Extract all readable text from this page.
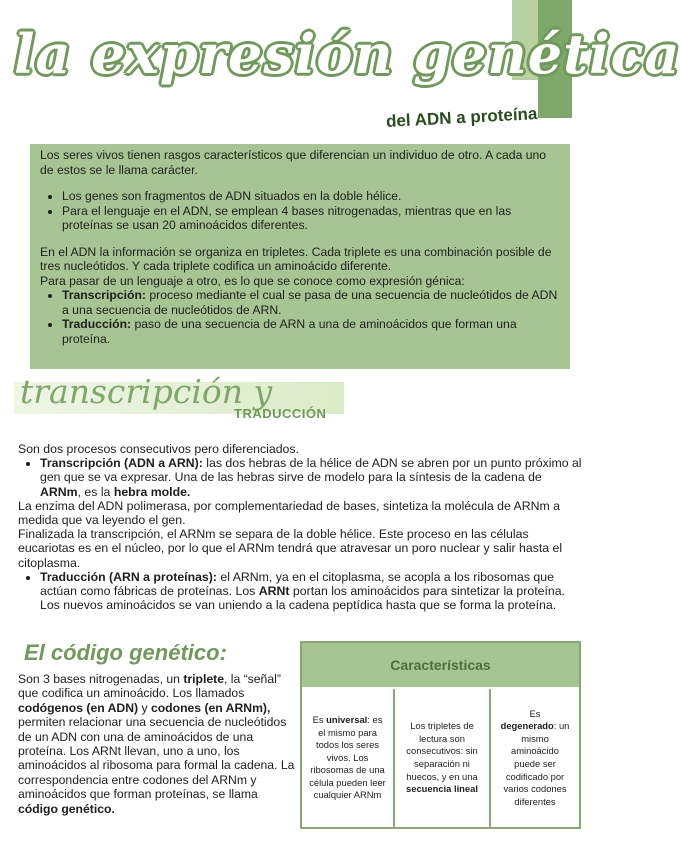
la expresión genética
del ADN a proteína

Los seres vivos tienen rasgos característicos que diferencian un individuo de otro. A cada uno de estos se le llama carácter.

• Los genes son fragmentos de ADN situados en la doble hélice.
• Para el lenguaje en el ADN, se emplean 4 bases nitrogenadas, mientras que en las proteínas se usan 20 aminoácidos diferentes.

En el ADN la información se organiza en tripletes. Cada triplete es una combinación posible de tres nucleótidos. Y cada triplete codifica un aminoácido diferente.

Para pasar de un lenguaje a otro, es lo que se conoce como expresión génica:

• Transcripción: proceso mediante el cual se pasa de una secuencia de nucleótidos de ADN a una secuencia de nucleótidos de ARN.
• Traducción: paso de una secuencia de ARN a una de aminoácidos que forman una proteína.
transcripción y
TRADUCCIÓN

Son dos procesos consecutivos pero diferenciados.

• Transcripción (ADN a ARN): las dos hebras de la hélice de ADN se abren por un punto próximo al gen que se va expresar. Una de las hebras sirve de modelo para la síntesis de la cadena de ARNm, es la hebra molde.

La enzima del ADN polimerasa, por complementariedad de bases, sintetiza la molécula de ARNm a medida que va leyendo el gen.

Finalizada la transcripción, el ARNm se separa de la doble hélice. Este proceso en las células eucariotas es en el núcleo, por lo que el ARNm tendrá que atravesar un poro nuclear y salir hasta el citoplasma.

• Traducción (ARN a proteínas): el ARNm, ya en el citoplasma, se acopla a los ribosomas que actúan como fábricas de proteínas. Los ARNt portan los aminoácidos para sintetizar la proteína. Los nuevos aminoácidos se van uniendo a la cadena peptídica hasta que se forma la proteína.
El código genético:
Son 3 bases nitrogenadas, un triplete, la “señal” que codifica un aminoácido. Los llamados codógenos (en ADN) y codones (en ARNm), permiten relacionar una secuencia de nucleótidos de un ADN con una de aminoácidos de una proteína. Los ARNt llevan, uno a uno, los aminoácidos al ribosoma para formal la cadena. La correspondencia entre codones del ARNm y aminoácidos que forman proteínas, se llama código genético.
Características
Es universal: es el mismo para todos los seres vivos. Los ribosomas de una célula pueden leer cualquier ARNm
Los tripletes de lectura son consecutivos: sin separación ni huecos, y en una secuencia lineal
Es
degenerado: un mismo aminoácido puede ser codificado por varios codones diferentes
